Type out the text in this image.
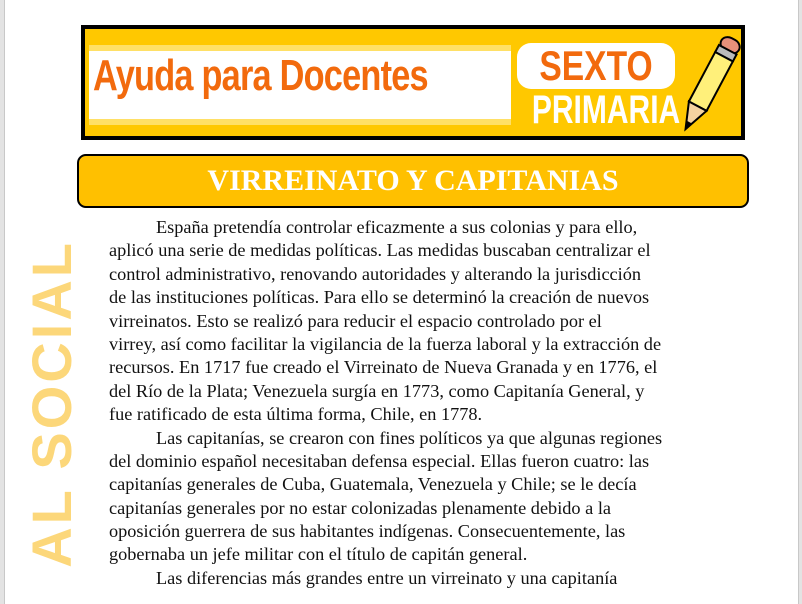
Ayuda para Docentes	SEXTO
PRIMARIA
VIRREINATO Y CAPITANIAS
AL SOCIAL
España pretendía controlar eficazmente a sus colonias y para ello,
aplicó una serie de medidas políticas. Las medidas buscaban centralizar el
control administrativo, renovando autoridades y alterando la jurisdicción
de las instituciones políticas. Para ello se determinó la creación de nuevos
virreinatos. Esto se realizó para reducir el espacio controlado por el
virrey, así como facilitar la vigilancia de la fuerza laboral y la extracción de
recursos. En 1717 fue creado el Virreinato de Nueva Granada y en 1776, el
del Río de la Plata; Venezuela surgía en 1773, como Capitanía General, y
fue ratificado de esta última forma, Chile, en 1778.
Las capitanías, se crearon con fines políticos ya que algunas regiones
del dominio español necesitaban defensa especial. Ellas fueron cuatro: las
capitanías generales de Cuba, Guatemala, Venezuela y Chile; se le decía
capitanías generales por no estar colonizadas plenamente debido a la
oposición guerrera de sus habitantes indígenas. Consecuentemente, las
gobernaba un jefe militar con el título de capitán general.
Las diferencias más grandes entre un virreinato y una capitanía
